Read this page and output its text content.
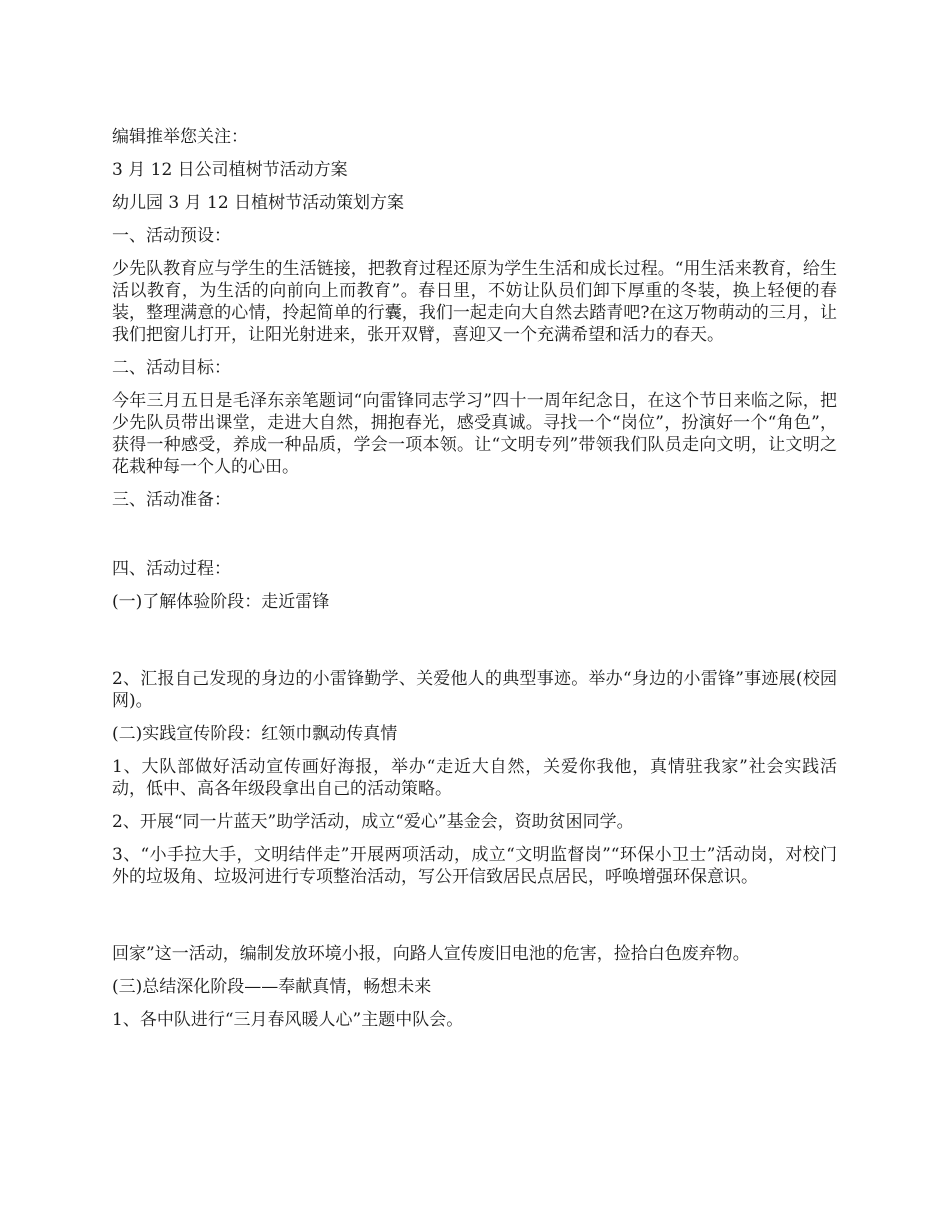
编辑推举您关注：

3 月 12 日公司植树节活动方案

幼儿园 3 月 12 日植树节活动策划方案

一、活动预设：

少先队教育应与学生的生活链接，把教育过程还原为学生生活和成长过程。“用生活来教育，给生活以教育，为生活的向前向上而教育”。春日里，不妨让队员们卸下厚重的冬装，换上轻便的春装，整理满意的心情，拎起简单的行囊，我们一起走向大自然去踏青吧?在这万物萌动的三月，让我们把窗儿打开，让阳光射进来，张开双臂，喜迎又一个充满希望和活力的春天。

二、活动目标：

今年三月五日是毛泽东亲笔题词“向雷锋同志学习”四十一周年纪念日，在这个节日来临之际，把少先队员带出课堂，走进大自然，拥抱春光，感受真诚。寻找一个“岗位”，扮演好一个“角色”，获得一种感受，养成一种品质，学会一项本领。让“文明专列”带领我们队员走向文明，让文明之花栽种每一个人的心田。

三、活动准备：

四、活动过程：

(一)了解体验阶段：走近雷锋

2、汇报自己发现的身边的小雷锋勤学、关爱他人的典型事迹。举办“身边的小雷锋”事迹展(校园网)。

(二)实践宣传阶段：红领巾飘动传真情

1、大队部做好活动宣传画好海报，举办“走近大自然，关爱你我他，真情驻我家”社会实践活动，低中、高各年级段拿出自己的活动策略。

2、开展“同一片蓝天”助学活动，成立“爱心”基金会，资助贫困同学。

3、“小手拉大手，文明结伴走”开展两项活动，成立“文明监督岗”“环保小卫士”活动岗，对校门外的垃圾角、垃圾河进行专项整治活动，写公开信致居民点居民，呼唤增强环保意识。

回家”这一活动，编制发放环境小报，向路人宣传废旧电池的危害，捡拾白色废弃物。

(三)总结深化阶段——奉献真情，畅想未来

1、各中队进行“三月春风暖人心”主题中队会。
